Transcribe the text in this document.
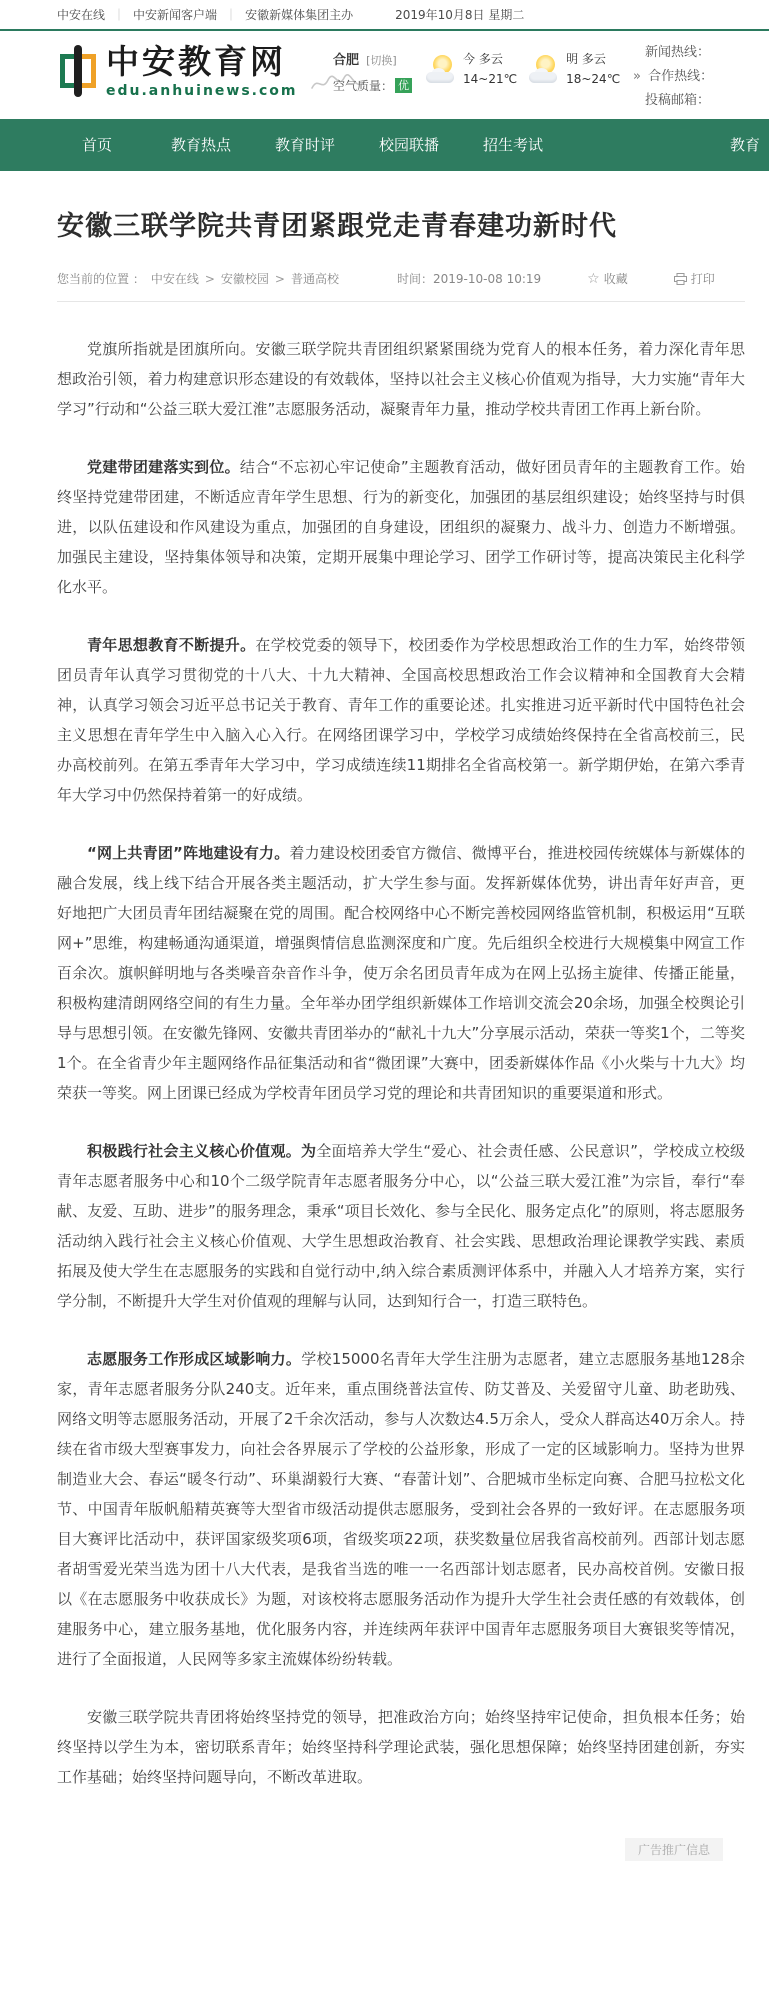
中安在线 ｜ 中安新闻客户端 ｜ 安徽新媒体集团主办	2019年10月8日 星期二
中安教育网
edu.anhuinews.com
合肥 [切换]
空气质量： 优
今 多云
14~21℃
明 多云
18~24℃
新闻热线：
» 合作热线：
投稿邮箱：
首页	教育热点	教育时评	校园联播	招生考试	教育
安徽三联学院共青团紧跟党走青春建功新时代
您当前的位置 ： 中安在线 > 安徽校园 > 普通高校	时间：2019-10-08 10:19	☆ 收藏	打印

党旗所指就是团旗所向。安徽三联学院共青团组织紧紧围绕为党育人的根本任务，着力深化青年思想政治引领，着力构建意识形态建设的有效载体，坚持以社会主义核心价值观为指导，大力实施“青年大学习”行动和“公益三联大爱江淮”志愿服务活动，凝聚青年力量，推动学校共青团工作再上新台阶。

党建带团建落实到位。结合“不忘初心牢记使命”主题教育活动，做好团员青年的主题教育工作。始终坚持党建带团建，不断适应青年学生思想、行为的新变化，加强团的基层组织建设；始终坚持与时俱进，以队伍建设和作风建设为重点，加强团的自身建设，团组织的凝聚力、战斗力、创造力不断增强。加强民主建设，坚持集体领导和决策，定期开展集中理论学习、团学工作研讨等，提高决策民主化科学化水平。

青年思想教育不断提升。在学校党委的领导下，校团委作为学校思想政治工作的生力军，始终带领团员青年认真学习贯彻党的十八大、十九大精神、全国高校思想政治工作会议精神和全国教育大会精神，认真学习领会习近平总书记关于教育、青年工作的重要论述。扎实推进习近平新时代中国特色社会主义思想在青年学生中入脑入心入行。在网络团课学习中，学校学习成绩始终保持在全省高校前三，民办高校前列。在第五季青年大学习中，学习成绩连续11期排名全省高校第一。新学期伊始，在第六季青年大学习中仍然保持着第一的好成绩。

“网上共青团”阵地建设有力。着力建设校团委官方微信、微博平台，推进校园传统媒体与新媒体的融合发展，线上线下结合开展各类主题活动，扩大学生参与面。发挥新媒体优势，讲出青年好声音，更好地把广大团员青年团结凝聚在党的周围。配合校网络中心不断完善校园网络监管机制，积极运用“互联网+”思维，构建畅通沟通渠道，增强舆情信息监测深度和广度。先后组织全校进行大规模集中网宣工作百余次。旗帜鲜明地与各类噪音杂音作斗争，使万余名团员青年成为在网上弘扬主旋律、传播正能量，积极构建清朗网络空间的有生力量。全年举办团学组织新媒体工作培训交流会20余场，加强全校舆论引导与思想引领。在安徽先锋网、安徽共青团举办的“献礼十九大”分享展示活动，荣获一等奖1个，二等奖1个。在全省青少年主题网络作品征集活动和省“微团课”大赛中，团委新媒体作品《小火柴与十九大》均荣获一等奖。网上团课已经成为学校青年团员学习党的理论和共青团知识的重要渠道和形式。

积极践行社会主义核心价值观。为全面培养大学生“爱心、社会责任感、公民意识”，学校成立校级青年志愿者服务中心和10个二级学院青年志愿者服务分中心，以“公益三联大爱江淮”为宗旨，奉行“奉献、友爱、互助、进步”的服务理念，秉承“项目长效化、参与全民化、服务定点化”的原则，将志愿服务活动纳入践行社会主义核心价值观、大学生思想政治教育、社会实践、思想政治理论课教学实践、素质拓展及使大学生在志愿服务的实践和自觉行动中,纳入综合素质测评体系中，并融入人才培养方案，实行学分制，不断提升大学生对价值观的理解与认同，达到知行合一，打造三联特色。

志愿服务工作形成区域影响力。学校15000名青年大学生注册为志愿者，建立志愿服务基地128余家，青年志愿者服务分队240支。近年来，重点围绕普法宣传、防艾普及、关爱留守儿童、助老助残、网络文明等志愿服务活动，开展了2千余次活动，参与人次数达4.5万余人，受众人群高达40万余人。持续在省市级大型赛事发力，向社会各界展示了学校的公益形象，形成了一定的区域影响力。坚持为世界制造业大会、春运“暖冬行动”、环巢湖毅行大赛、“春蕾计划”、合肥城市坐标定向赛、合肥马拉松文化节、中国青年版帆船精英赛等大型省市级活动提供志愿服务，受到社会各界的一致好评。在志愿服务项目大赛评比活动中，获评国家级奖项6项，省级奖项22项，获奖数量位居我省高校前列。西部计划志愿者胡雪爱光荣当选为团十八大代表，是我省当选的唯一一名西部计划志愿者，民办高校首例。安徽日报以《在志愿服务中收获成长》为题，对该校将志愿服务活动作为提升大学生社会责任感的有效载体，创建服务中心，建立服务基地，优化服务内容，并连续两年获评中国青年志愿服务项目大赛银奖等情况，进行了全面报道，人民网等多家主流媒体纷纷转载。

安徽三联学院共青团将始终坚持党的领导，把准政治方向；始终坚持牢记使命，担负根本任务；始终坚持以学生为本，密切联系青年；始终坚持科学理论武装，强化思想保障；始终坚持团建创新，夯实工作基础；始终坚持问题导向，不断改革进取。

广告推广信息
